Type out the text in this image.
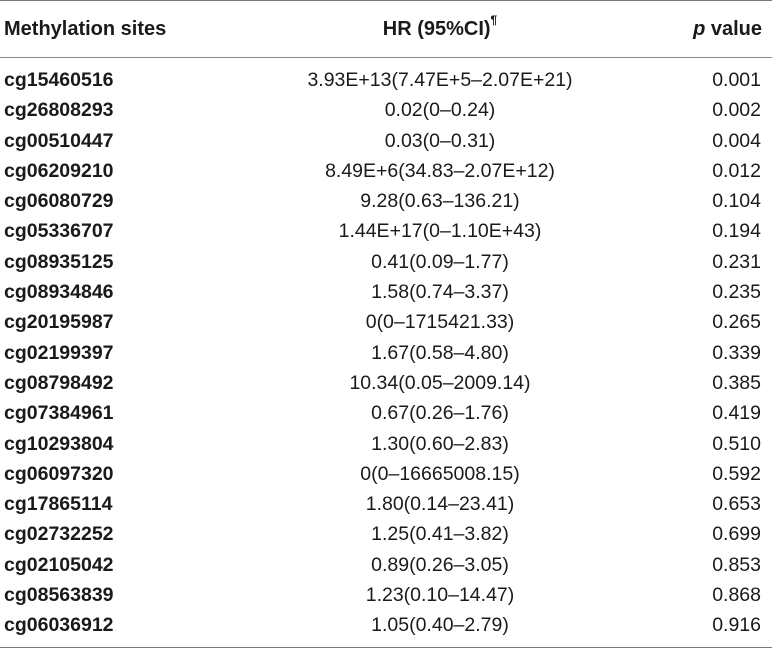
Methylation sites	HR (95%CI)¶	p value
cg15460516	3.93E+13(7.47E+5–2.07E+21)	0.001
cg26808293	0.02(0–0.24)	0.002
cg00510447	0.03(0–0.31)	0.004
cg06209210	8.49E+6(34.83–2.07E+12)	0.012
cg06080729	9.28(0.63–136.21)	0.104
cg05336707	1.44E+17(0–1.10E+43)	0.194
cg08935125	0.41(0.09–1.77)	0.231
cg08934846	1.58(0.74–3.37)	0.235
cg20195987	0(0–1715421.33)	0.265
cg02199397	1.67(0.58–4.80)	0.339
cg08798492	10.34(0.05–2009.14)	0.385
cg07384961	0.67(0.26–1.76)	0.419
cg10293804	1.30(0.60–2.83)	0.510
cg06097320	0(0–16665008.15)	0.592
cg17865114	1.80(0.14–23.41)	0.653
cg02732252	1.25(0.41–3.82)	0.699
cg02105042	0.89(0.26–3.05)	0.853
cg08563839	1.23(0.10–14.47)	0.868
cg06036912	1.05(0.40–2.79)	0.916
